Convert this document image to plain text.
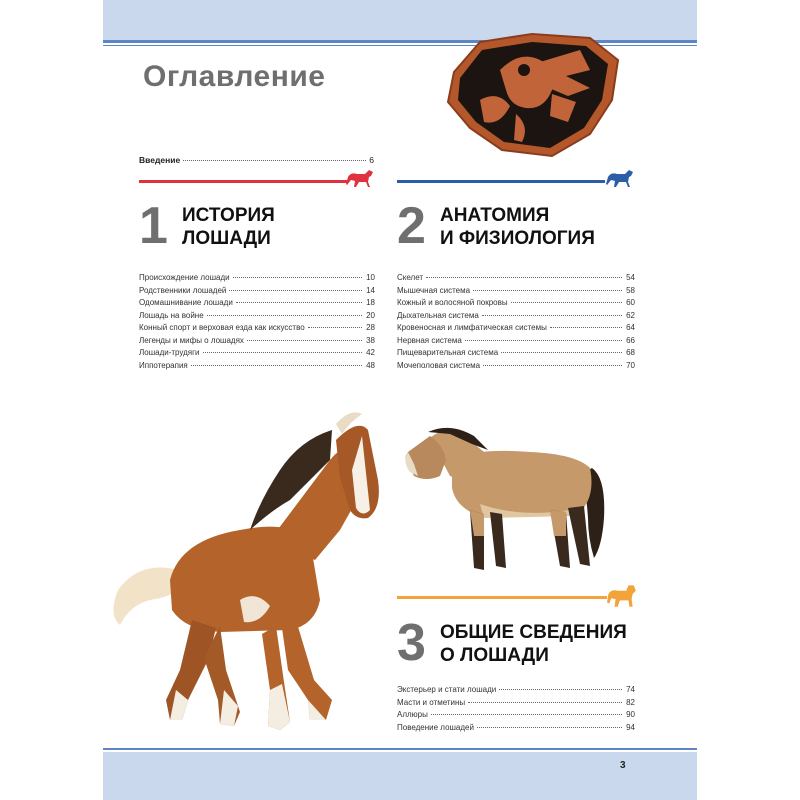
3
Оглавление
Введение	6
1 ИСТОРИЯ
ЛОШАДИ
Происхождение лошади	10
Родственники лошадей	14
Одомашнивание лошади	18
Лошадь на войне	20
Конный спорт и верховая езда как искусство	28
Легенды и мифы о лошадях	38
Лошади-трудяги	42
Иппотерапия	48
2 АНАТОМИЯ
И ФИЗИОЛОГИЯ
Скелет	54
Мышечная система	58
Кожный и волосяной покровы	60
Дыхательная система	62
Кровеносная и лимфатическая системы	64
Нервная система	66
Пищеварительная система	68
Мочеполовая система	70
3 ОБЩИЕ СВЕДЕНИЯ
О ЛОШАДИ
Экстерьер и стати лошади	74
Масти и отметины	82
Аллюры	90
Поведение лошадей	94
